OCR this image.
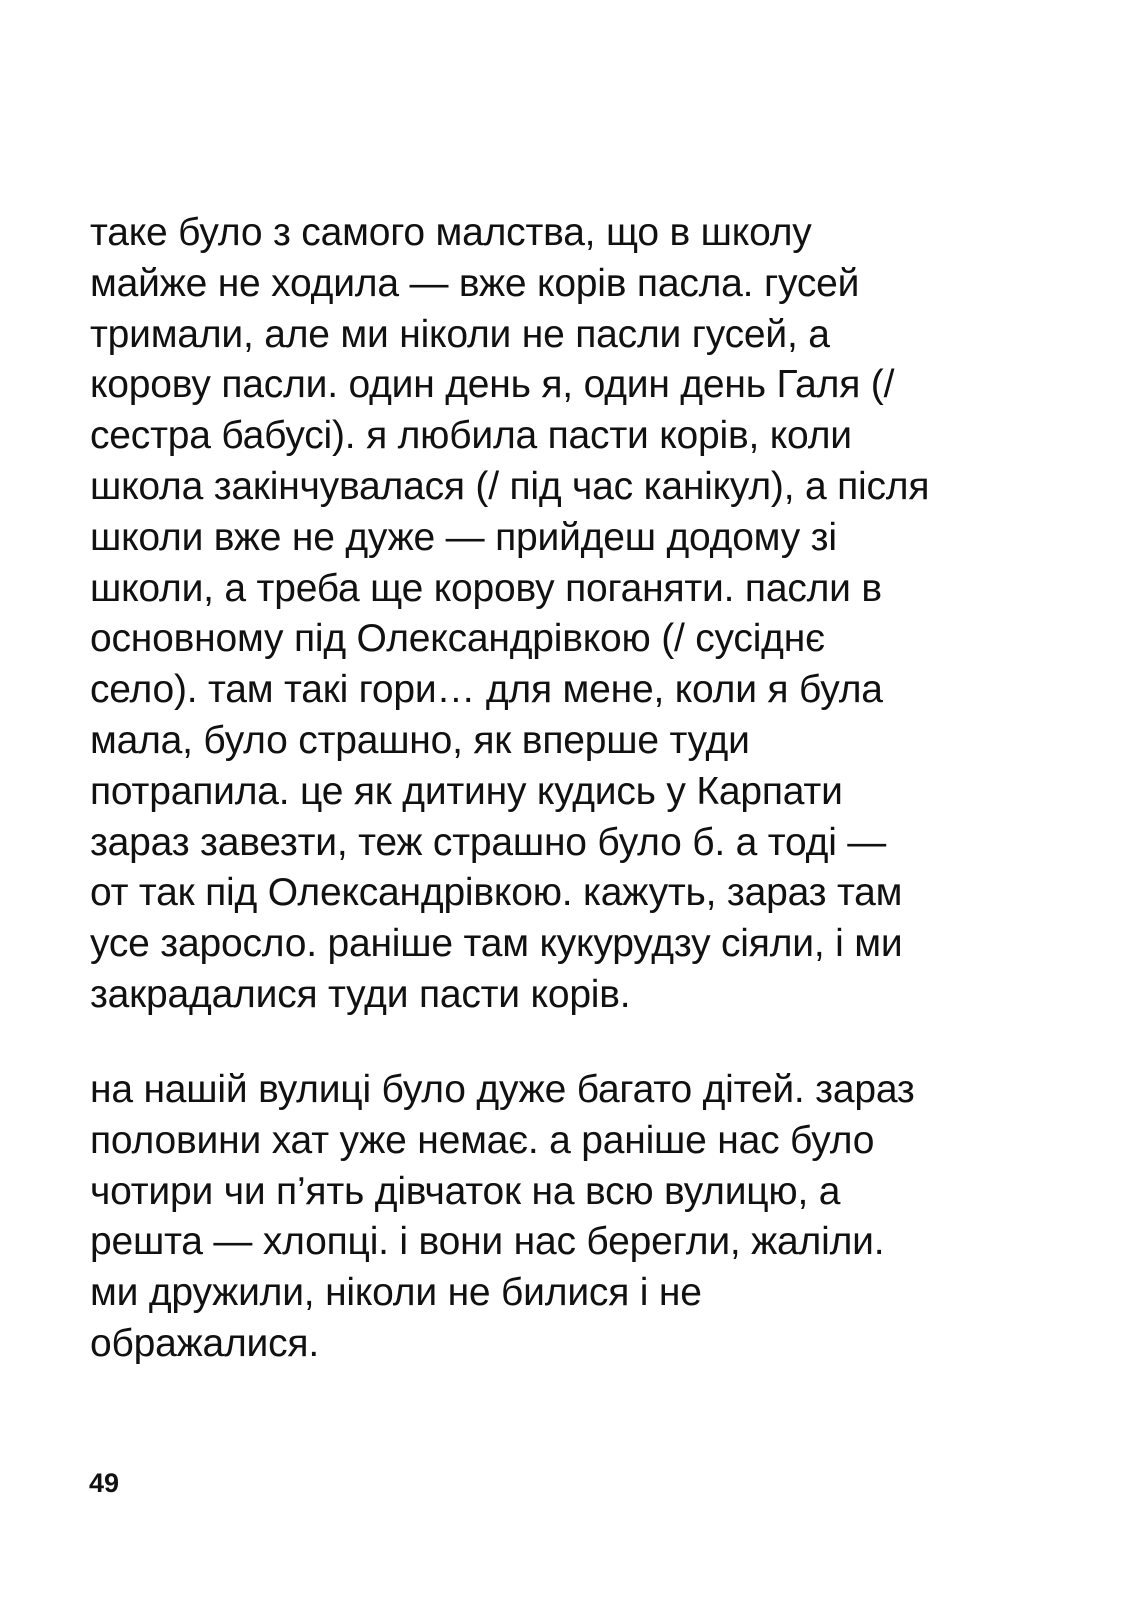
таке було з самого малства, що в школу
майже не ходила — вже корів пасла. гусей
тримали, але ми ніколи не пасли гусей, а
корову пасли. один день я, один день Галя (/
сестра бабусі). я любила пасти корів, коли
школа закінчувалася (/ під час канікул), а після
школи вже не дуже — прийдеш додому зі
школи, а треба ще корову поганяти. пасли в
основному під Олександрівкою (/ сусіднє
село). там такі гори… для мене, коли я була
мала, було страшно, як вперше туди
потрапила. це як дитину кудись у Карпати
зараз завезти, теж страшно було б. а тоді —
от так під Олександрівкою. кажуть, зараз там
усе заросло. раніше там кукурудзу сіяли, і ми
закрадалися туди пасти корів.
на нашій вулиці було дуже багато дітей. зараз
половини хат уже немає. а раніше нас було
чотири чи п’ять дівчаток на всю вулицю, а
решта — хлопці. і вони нас берегли, жаліли.
ми дружили, ніколи не билися і не
ображалися.
49
